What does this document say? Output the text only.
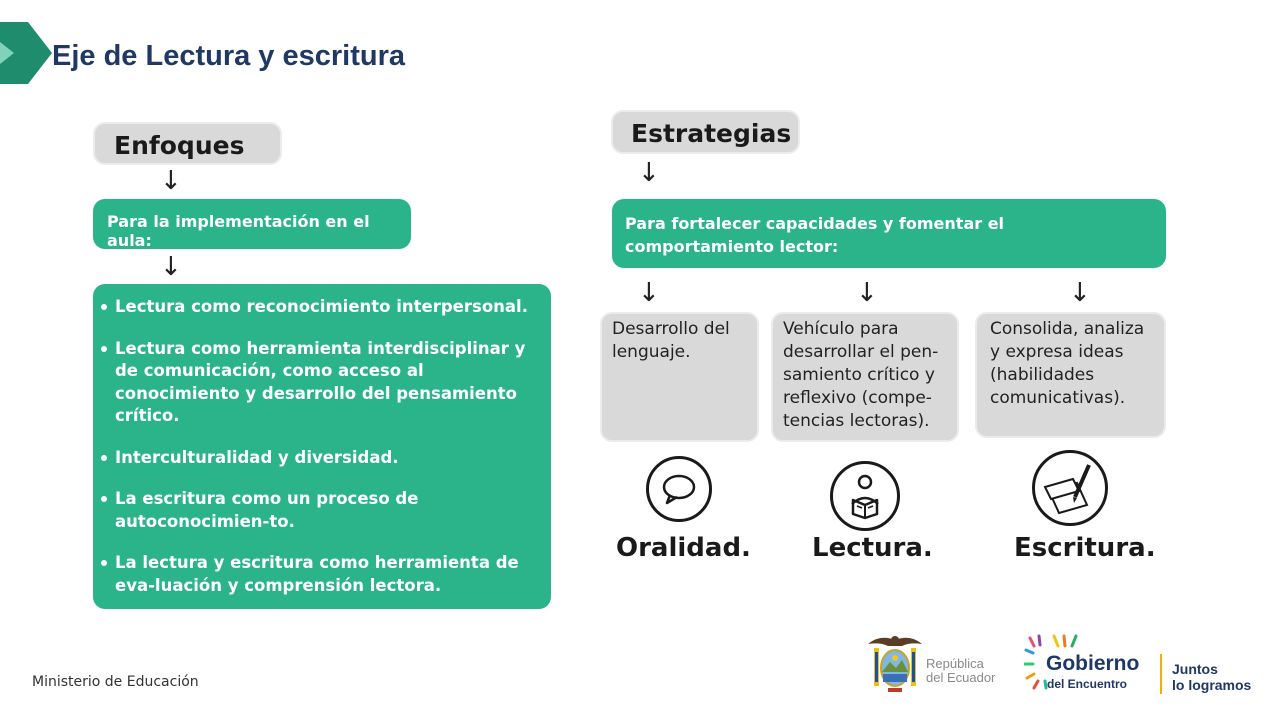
Eje de Lectura y escritura
Enfoques
↓
Para la implementación en el aula:
↓
Lectura como reconocimiento interpersonal.
Lectura como herramienta interdisciplinar y de comunicación, como acceso al conocimiento y desarrollo del pensamiento crítico.
Interculturalidad y diversidad.
La escritura como un proceso de autoconocimien-to.
La lectura y escritura como herramienta de eva-luación y comprensión lectora.
Estrategias
↓
Para fortalecer capacidades y fomentar el comportamiento lector:
↓	↓	↓
Desarrollo del lenguaje.
Vehículo para desarrollar el pen-samiento crítico y reflexivo (compe-tencias lectoras).
Consolida, analiza y expresa ideas (habilidades comunicativas).
Oralidad. Lectura.	Escritura.
Ministerio de Educación
República
del Ecuador
Gobierno
del Encuentro
Juntos
lo logramos
